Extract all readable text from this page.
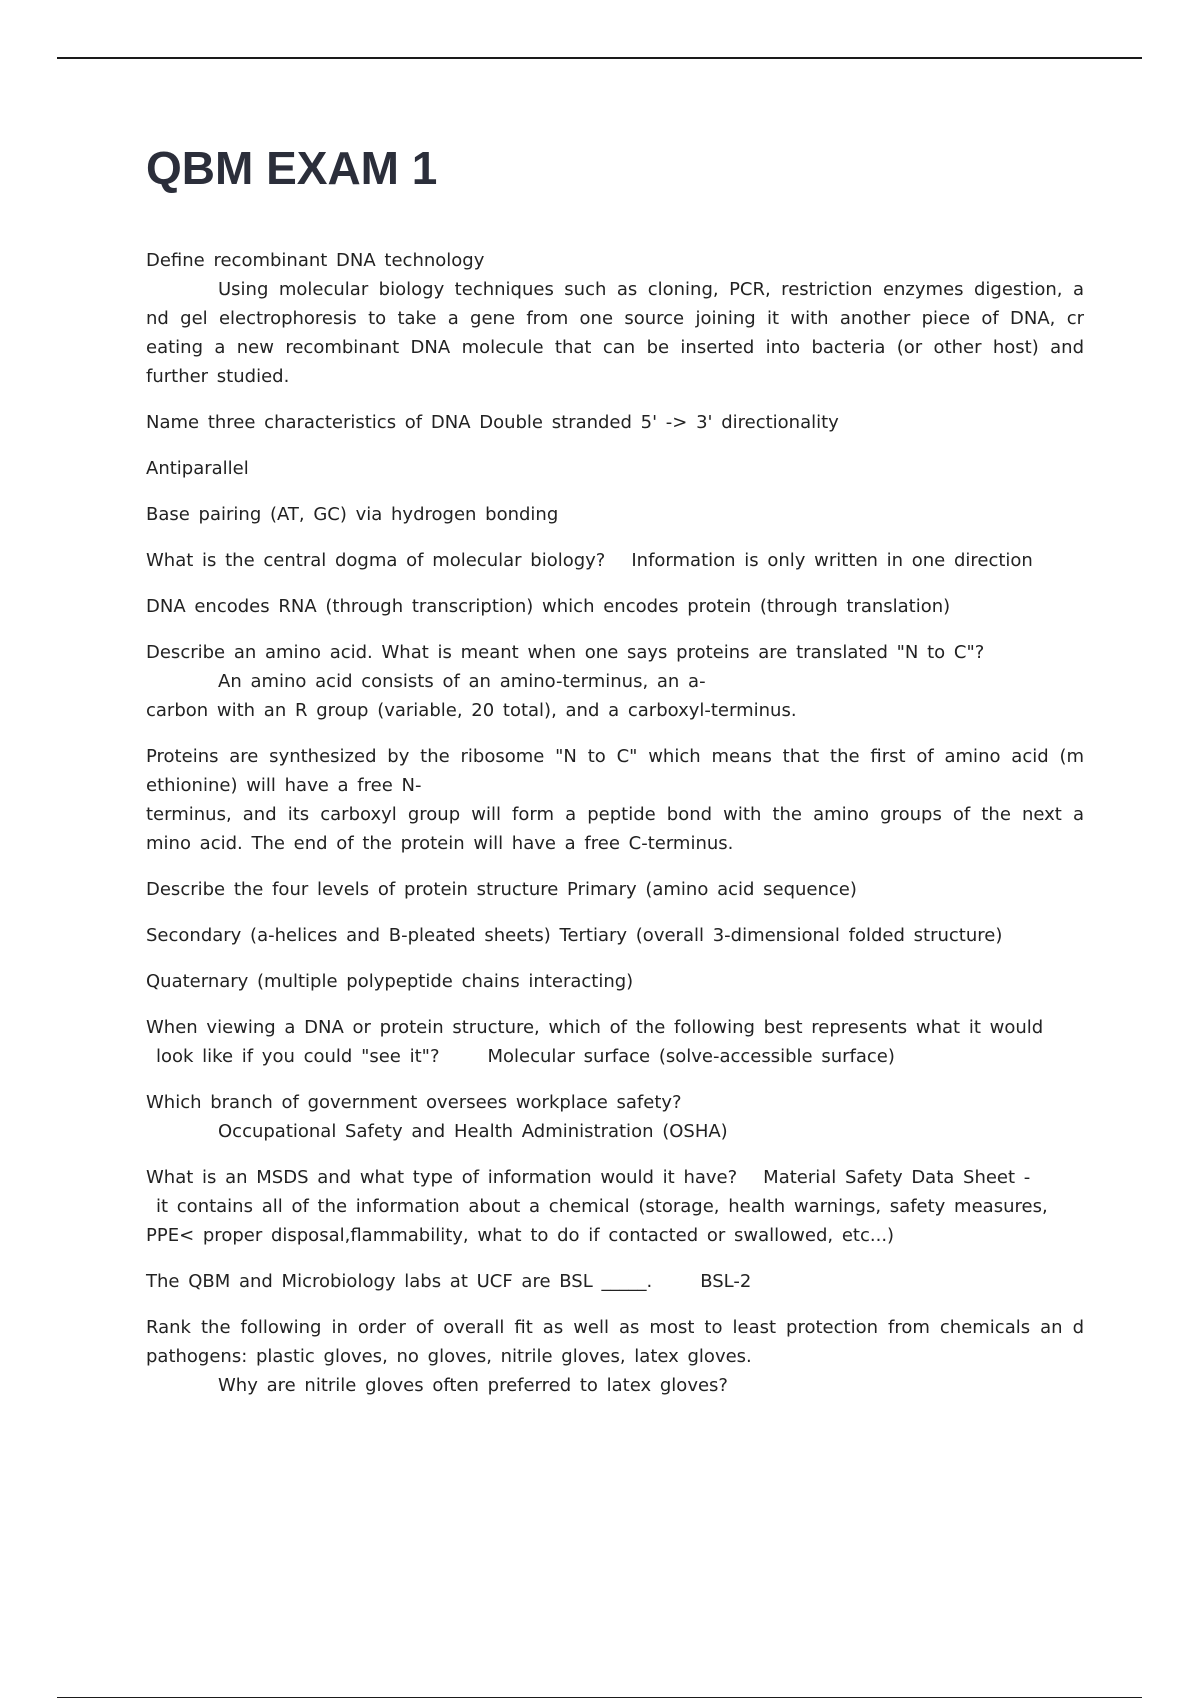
QBM EXAM 1

Define recombinant DNA technology
Using molecular biology techniques such as cloning, PCR, restriction enzymes digestion, a nd gel electrophoresis to take a gene from one source joining it with another piece of DNA, cr eating a new recombinant DNA molecule that can be inserted into bacteria (or other host) and further studied.

Name three characteristics of DNA Double stranded 5' -> 3' directionality

Antiparallel

Base pairing (AT, GC) via hydrogen bonding

What is the central dogma of molecular biology? Information is only written in one direction

DNA encodes RNA (through transcription) which encodes protein (through translation)

Describe an amino acid. What is meant when one says proteins are translated "N to C"?
An amino acid consists of an amino-terminus, an a-
carbon with an R group (variable, 20 total), and a carboxyl-terminus.

Proteins are synthesized by the ribosome "N to C" which means that the first of amino acid (m ethionine) will have a free N-
terminus, and its carboxyl group will form a peptide bond with the amino groups of the next a mino acid. The end of the protein will have a free C-terminus.

Describe the four levels of protein structure Primary (amino acid sequence)

Secondary (a-helices and B-pleated sheets) Tertiary (overall 3-dimensional folded structure)

Quaternary (multiple polypeptide chains interacting)

When viewing a DNA or protein structure, which of the following best represents what it would
look like if you could "see it"?	Molecular surface (solve-accessible surface)

Which branch of government oversees workplace safety?
Occupational Safety and Health Administration (OSHA)

What is an MSDS and what type of information would it have? Material Safety Data Sheet -
it contains all of the information about a chemical (storage, health warnings, safety measures,
PPE< proper disposal,flammability, what to do if contacted or swallowed, etc...)

The QBM and Microbiology labs at UCF are BSL _____.	BSL-2

Rank the following in order of overall fit as well as most to least protection from chemicals an d pathogens: plastic gloves, no gloves, nitrile gloves, latex gloves.
Why are nitrile gloves often preferred to latex gloves?
